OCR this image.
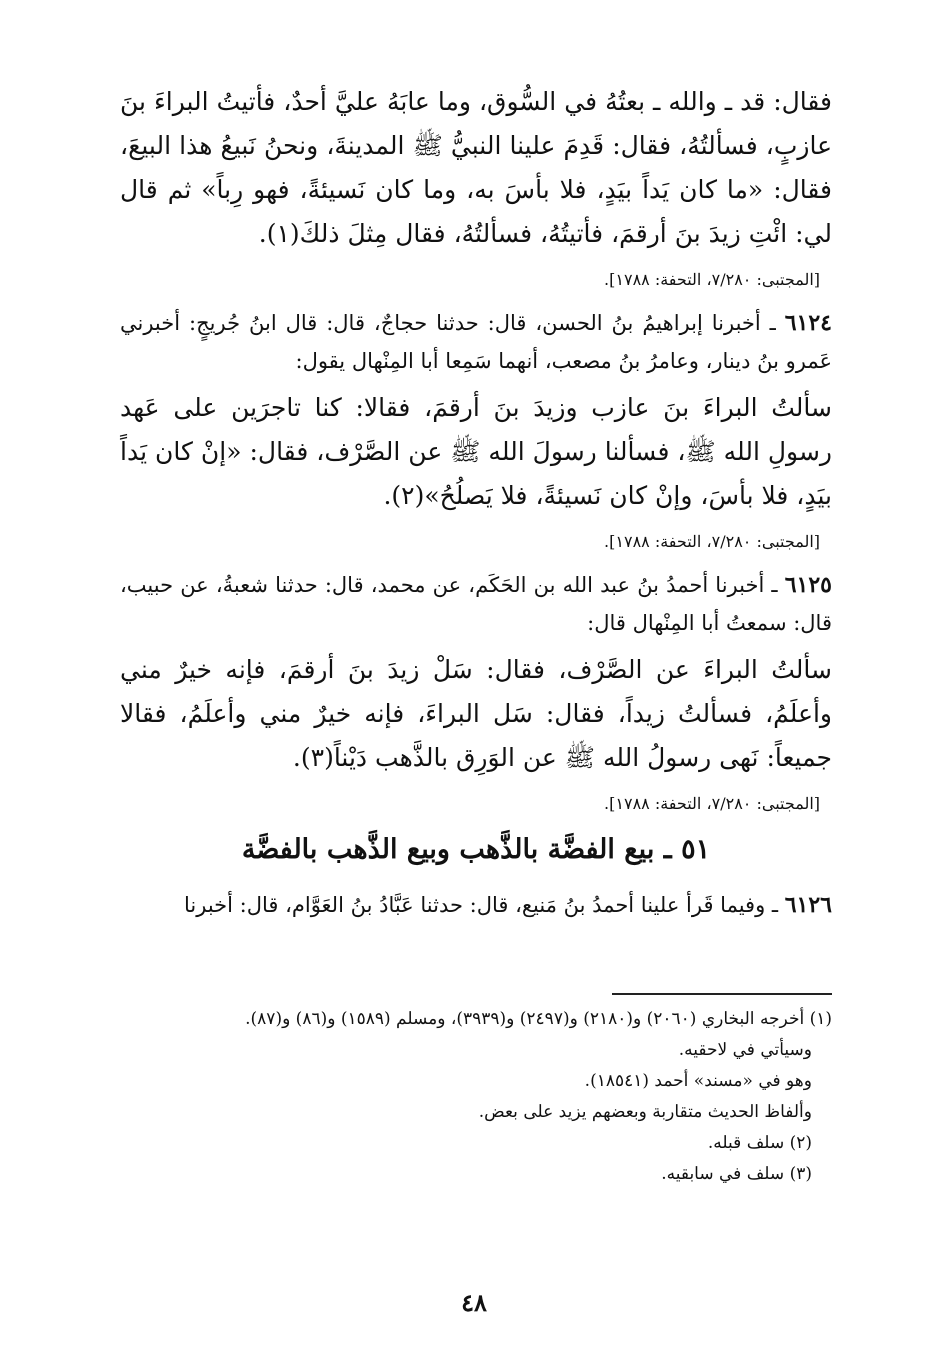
فقال: قد ـ والله ـ بعتُهُ في السُّوق، وما عابَهُ عليَّ أحدٌ، فأتيتُ البراءَ بنَ عازبٍ، فسألتُهُ، فقال: قَدِمَ علينا النبيُّ ﷺ المدينةَ، ونحنُ نَبيعُ هذا البيعَ، فقال: «ما كان يَداً بيَدٍ، فلا بأسَ به، وما كان نَسيئةً، فهو رِباً» ثم قال لي: ائْتِ زيدَ بنَ أرقمَ، فأتيتُهُ، فسألتُهُ، فقال مِثلَ ذلكَ(١).

[المجتبى: ٧/٢٨٠، التحفة: ١٧٨٨].

٦١٢٤ ـ أخبرنا إبراهيمُ بنُ الحسن، قال: حدثنا حجاجٌ، قال: قال ابنُ جُريجٍ: أخبرني عَمرو بنُ دينار، وعامرُ بنُ مصعب، أنهما سَمِعا أبا المِنْهال يقول:

سألتُ البراءَ بنَ عازب وزيدَ بنَ أرقمَ، فقالا: كنا تاجرَين على عَهد رسولِ الله ﷺ، فسألنا رسولَ الله ﷺ عن الصَّرْف، فقال: «إنْ كان يَداً بيَدٍ، فلا بأسَ، وإنْ كان نَسيئةً، فلا يَصلُحُ»(٢).

[المجتبى: ٧/٢٨٠، التحفة: ١٧٨٨].

٦١٢٥ ـ أخبرنا أحمدُ بنُ عبد الله بن الحَكَم، عن محمد، قال: حدثنا شعبةُ، عن حبيب، قال: سمعتُ أبا المِنْهال قال:

سألتُ البراءَ عن الصَّرْف، فقال: سَلْ زيدَ بنَ أرقمَ، فإنه خيرٌ مني وأعلَمُ، فسألتُ زيداً، فقال: سَل البراءَ، فإنه خيرٌ مني وأعلَمُ، فقالا جميعاً: نَهى رسولُ الله ﷺ عن الوَرِق بالذَّهب دَيْناً(٣).

[المجتبى: ٧/٢٨٠، التحفة: ١٧٨٨].
٥١ ـ بيع الفضَّة بالذَّهب وبيع الذَّهب بالفضَّة

٦١٢٦ ـ وفيما قَرأ علينا أحمدُ بنُ مَنيع، قال: حدثنا عَبَّادُ بنُ العَوَّام، قال: أخبرنا

(١) أخرجه البخاري (٢٠٦٠) و(٢١٨٠) و(٢٤٩٧) و(٣٩٣٩)، ومسلم (١٥٨٩) و(٨٦) و(٨٧).

وسيأتي في لاحقيه.

وهو في «مسند» أحمد (١٨٥٤١).

وألفاظ الحديث متقاربة وبعضهم يزيد على بعض.

(٢) سلف قبله.

(٣) سلف في سابقيه.

٤٨
